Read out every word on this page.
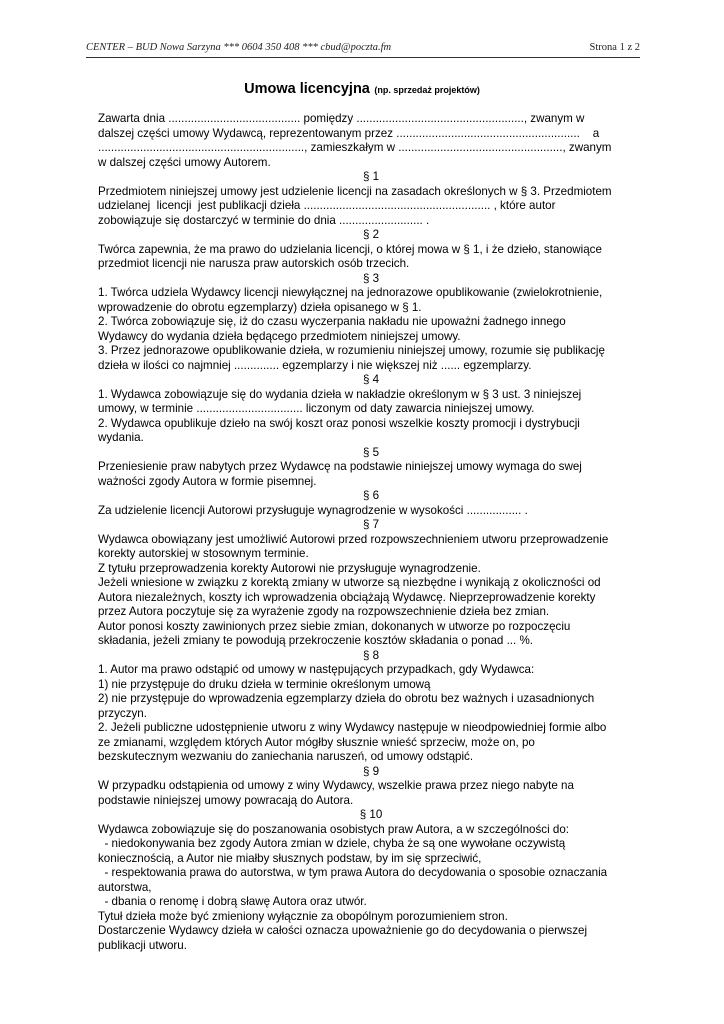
CENTER – BUD Nowa Sarzyna *** 0604 350 408 *** cbud@poczta.fm	Strona 1 z 2
Umowa licencyjna (np. sprzedaż projektów)
Zawarta dnia ......................................... pomiędzy ...................................................., zwanym w
dalszej części umowy Wydawcą, reprezentowanym przez .........................................................    a
................................................................, zamieszkałym w ..................................................., zwanym
w dalszej części umowy Autorem.
§ 1
Przedmiotem niniejszej umowy jest udzielenie licencji na zasadach określonych w § 3. Przedmiotem
udzielanej  licencji  jest publikacji dzieła .......................................................... , które autor
zobowiązuje się dostarczyć w terminie do dnia .......................... .
§ 2
Twórca zapewnia, że ma prawo do udzielania licencji, o której mowa w § 1, i że dzieło, stanowiące
przedmiot licencji nie narusza praw autorskich osób trzecich.
§ 3
1. Twórca udziela Wydawcy licencji niewyłącznej na jednorazowe opublikowanie (zwielokrotnienie,
wprowadzenie do obrotu egzemplarzy) dzieła opisanego w § 1.
2. Twórca zobowiązuje się, iż do czasu wyczerpania nakładu nie upoważni żadnego innego
Wydawcy do wydania dzieła będącego przedmiotem niniejszej umowy.
3. Przez jednorazowe opublikowanie dzieła, w rozumieniu niniejszej umowy, rozumie się publikację
dzieła w ilości co najmniej .............. egzemplarzy i nie większej niż ...... egzemplarzy.
§ 4
1. Wydawca zobowiązuje się do wydania dzieła w nakładzie określonym w § 3 ust. 3 niniejszej
umowy, w terminie ................................. liczonym od daty zawarcia niniejszej umowy.
2. Wydawca opublikuje dzieło na swój koszt oraz ponosi wszelkie koszty promocji i dystrybucji
wydania.
§ 5
Przeniesienie praw nabytych przez Wydawcę na podstawie niniejszej umowy wymaga do swej
ważności zgody Autora w formie pisemnej.
§ 6
Za udzielenie licencji Autorowi przysługuje wynagrodzenie w wysokości ................. .
§ 7
Wydawca obowiązany jest umożliwić Autorowi przed rozpowszechnieniem utworu przeprowadzenie
korekty autorskiej w stosownym terminie.
Z tytułu przeprowadzenia korekty Autorowi nie przysługuje wynagrodzenie.
Jeżeli wniesione w związku z korektą zmiany w utworze są niezbędne i wynikają z okoliczności od
Autora niezależnych, koszty ich wprowadzenia obciążają Wydawcę. Nieprzeprowadzenie korekty
przez Autora poczytuje się za wyrażenie zgody na rozpowszechnienie dzieła bez zmian.
Autor ponosi koszty zawinionych przez siebie zmian, dokonanych w utworze po rozpoczęciu
składania, jeżeli zmiany te powodują przekroczenie kosztów składania o ponad ... %.
§ 8
1. Autor ma prawo odstąpić od umowy w następujących przypadkach, gdy Wydawca:
1) nie przystępuje do druku dzieła w terminie określonym umową
2) nie przystępuje do wprowadzenia egzemplarzy dzieła do obrotu bez ważnych i uzasadnionych
przyczyn.
2. Jeżeli publiczne udostępnienie utworu z winy Wydawcy następuje w nieodpowiedniej formie albo
ze zmianami, względem których Autor mógłby słusznie wnieść sprzeciw, może on, po
bezskutecznym wezwaniu do zaniechania naruszeń, od umowy odstąpić.
§ 9
W przypadku odstąpienia od umowy z winy Wydawcy, wszelkie prawa przez niego nabyte na
podstawie niniejszej umowy powracają do Autora.
§ 10
Wydawca zobowiązuje się do poszanowania osobistych praw Autora, a w szczególności do:
- niedokonywania bez zgody Autora zmian w dziele, chyba że są one wywołane oczywistą
koniecznością, a Autor nie miałby słusznych podstaw, by im się sprzeciwić,
- respektowania prawa do autorstwa, w tym prawa Autora do decydowania o sposobie oznaczania
autorstwa,
- dbania o renomę i dobrą sławę Autora oraz utwór.
Tytuł dzieła może być zmieniony wyłącznie za obopólnym porozumieniem stron.
Dostarczenie Wydawcy dzieła w całości oznacza upoważnienie go do decydowania o pierwszej
publikacji utworu.
